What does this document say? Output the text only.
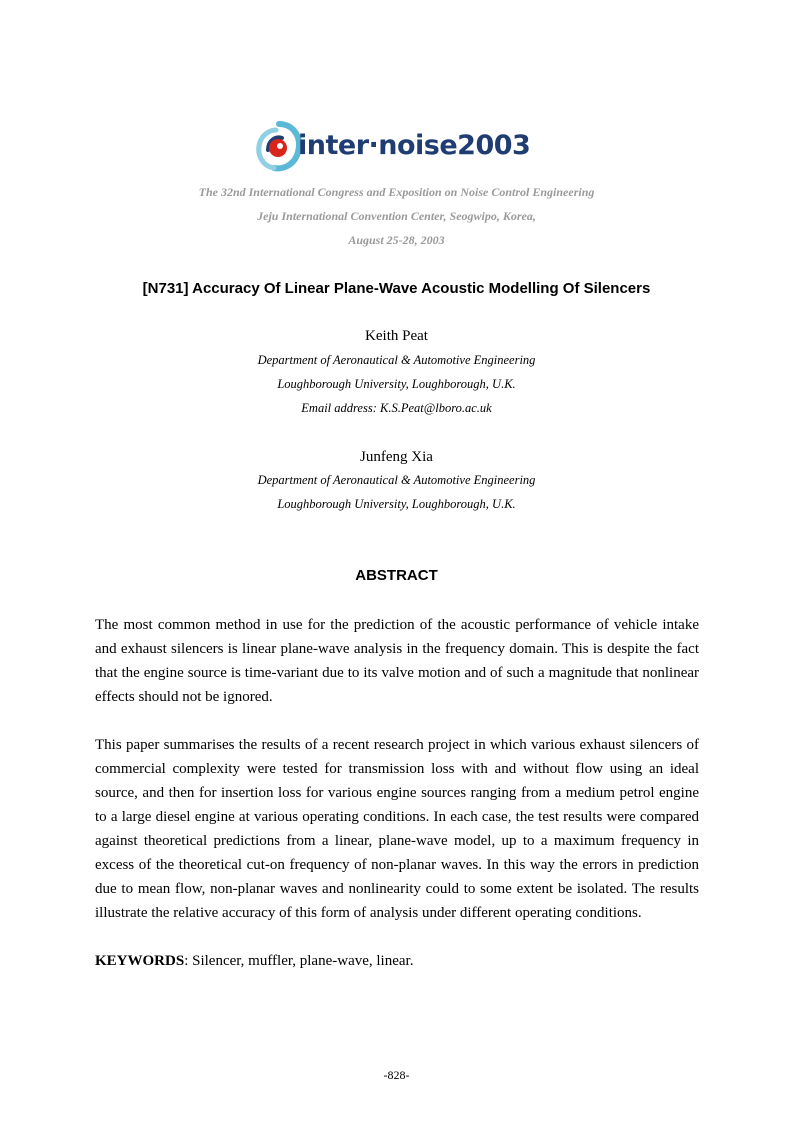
inter·noise2003
The 32nd International Congress and Exposition on Noise Control Engineering
Jeju International Convention Center, Seogwipo, Korea,
August 25-28, 2003
[N731] Accuracy Of Linear Plane-Wave Acoustic Modelling Of Silencers
Keith Peat
Department of Aeronautical & Automotive Engineering
Loughborough University, Loughborough, U.K.
Email address: K.S.Peat@lboro.ac.uk
Junfeng Xia
Department of Aeronautical & Automotive Engineering
Loughborough University, Loughborough, U.K.
ABSTRACT
The most common method in use for the prediction of the acoustic performance of vehicle intake and exhaust silencers is linear plane-wave analysis in the frequency domain. This is despite the fact that the engine source is time-variant due to its valve motion and of such a magnitude that nonlinear effects should not be ignored.
This paper summarises the results of a recent research project in which various exhaust silencers of commercial complexity were tested for transmission loss with and without flow using an ideal source, and then for insertion loss for various engine sources ranging from a medium petrol engine to a large diesel engine at various operating conditions. In each case, the test results were compared against theoretical predictions from a linear, plane-wave model, up to a maximum frequency in excess of the theoretical cut-on frequency of non-planar waves. In this way the errors in prediction due to mean flow, non-planar waves and nonlinearity could to some extent be isolated. The results illustrate the relative accuracy of this form of analysis under different operating conditions.
KEYWORDS: Silencer, muffler, plane-wave, linear.
-828-
